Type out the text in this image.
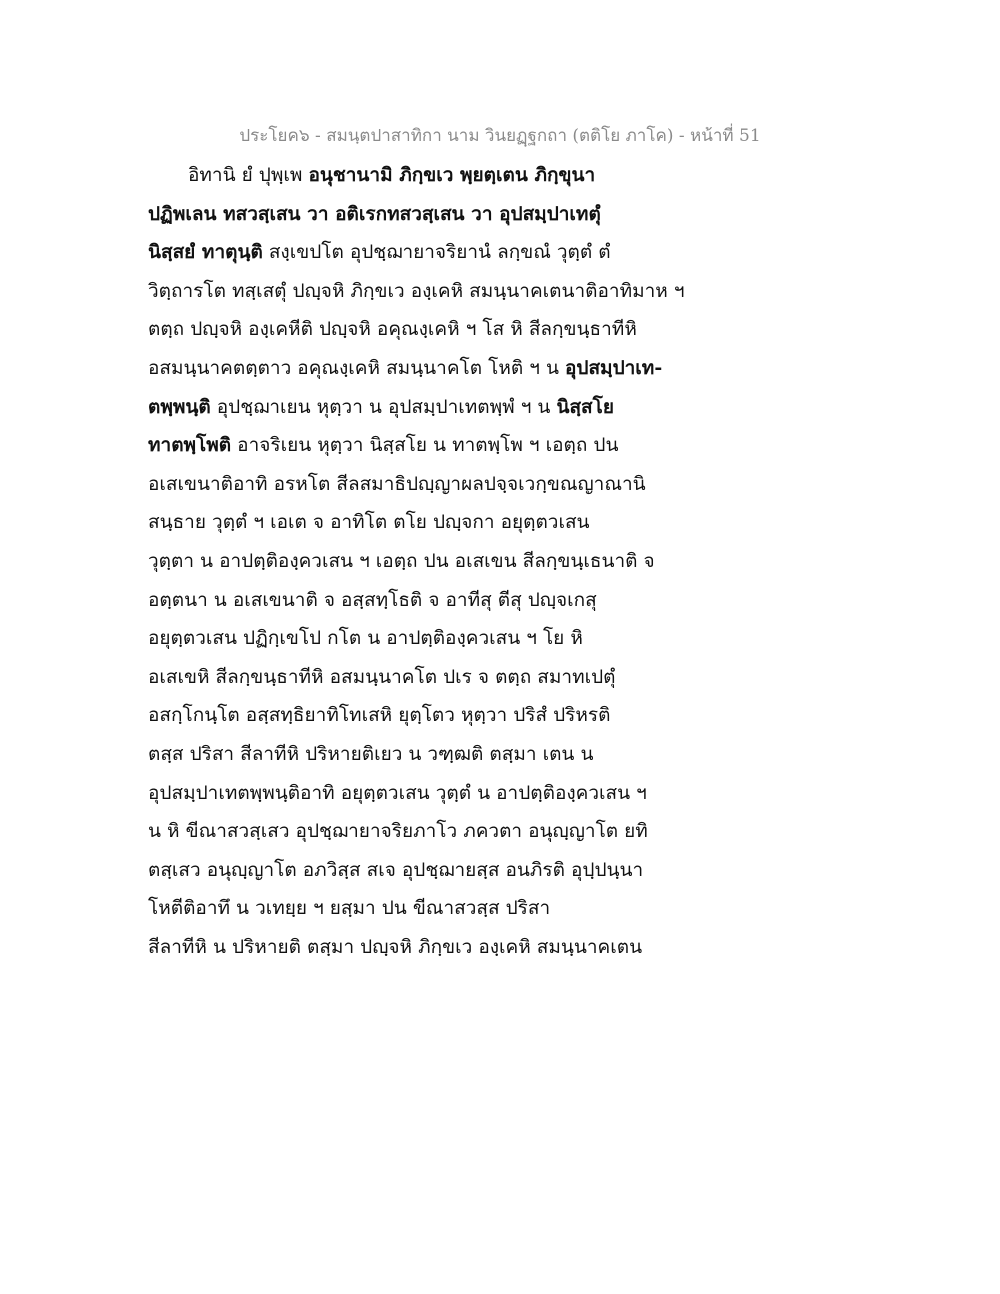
ประโยค๖ - สมนฺตปาสาทิกา นาม วินยฏฺฐกถา (ตติโย ภาโค) - หน้าที่ 51
อิทานิ ยํ ปุพฺเพ อนุชานามิ ภิกฺขเว พฺยตฺเตน ภิกฺขุนา
ปฏิพเลน ทสวสฺเสน วา อติเรกทสวสฺเสน วา อุปสมฺปาเทตุํ
นิสฺสยํ ทาตุนฺติ สงฺเขปโต อุปชฺฌายาจริยานํ ลกฺขณํ วุตฺตํ ตํ
วิตฺถารโต ทสฺเสตุํ ปญฺจหิ ภิกฺขเว องฺเคหิ สมนฺนาคเตนาติอาทิมาห ฯ
ตตฺถ ปญฺจหิ องฺเคหีติ ปญฺจหิ อคุณงฺเคหิ ฯ โส หิ สีลกฺขนฺธาทีหิ
อสมนฺนาคตตฺตาว อคุณงฺเคหิ สมนฺนาคโต โหติ ฯ น อุปสมฺปาเท-
ตพฺพนฺติ อุปชฺฌาเยน หุตฺวา น อุปสมฺปาเทตพฺพํ ฯ น นิสฺสโย
ทาตพฺโพติ อาจริเยน หุตฺวา นิสฺสโย น ทาตพฺโพ ฯ เอตฺถ ปน
อเสเขนาติอาทิ อรหโต สีลสมาธิปญฺญาผลปจฺจเวกฺขณญาณานิ
สนฺธาย วุตฺตํ ฯ เอเต จ อาทิโต ตโย ปญฺจกา อยุตฺตวเสน
วุตฺตา น อาปตฺติองฺควเสน ฯ เอตฺถ ปน อเสเขน สีลกฺขนฺเธนาติ จ
อตฺตนา น อเสเขนาติ จ อสฺสทฺโธติ จ อาทีสุ ตีสุ ปญฺจเกสุ
อยุตฺตวเสน ปฏิกฺเขโป กโต น อาปตฺติองฺควเสน ฯ โย หิ
อเสเขหิ สีลกฺขนฺธาทีหิ อสมนฺนาคโต ปเร จ ตตฺถ สมาทเปตุํ
อสกฺโกนฺโต อสฺสทฺธิยาทิโทเสหิ ยุตฺโตว หุตฺวา ปริสํ ปริหรติ
ตสฺส ปริสา สีลาทีหิ ปริหายติเยว น วฑฺฒติ ตสฺมา เตน น
อุปสมฺปาเทตพฺพนฺติอาทิ อยุตฺตวเสน วุตฺตํ น อาปตฺติองฺควเสน ฯ
น หิ ขีณาสวสฺเสว อุปชฺฌายาจริยภาโว ภควตา อนุญฺญาโต ยทิ
ตสฺเสว อนุญฺญาโต อภวิสฺส สเจ อุปชฺฌายสฺส อนภิรติ อุปฺปนฺนา
โหตีติอาทึ น วเทยฺย ฯ ยสฺมา ปน ขีณาสวสฺส ปริสา
สีลาทีหิ น ปริหายติ ตสฺมา ปญฺจหิ ภิกฺขเว องฺเคหิ สมนฺนาคเตน
